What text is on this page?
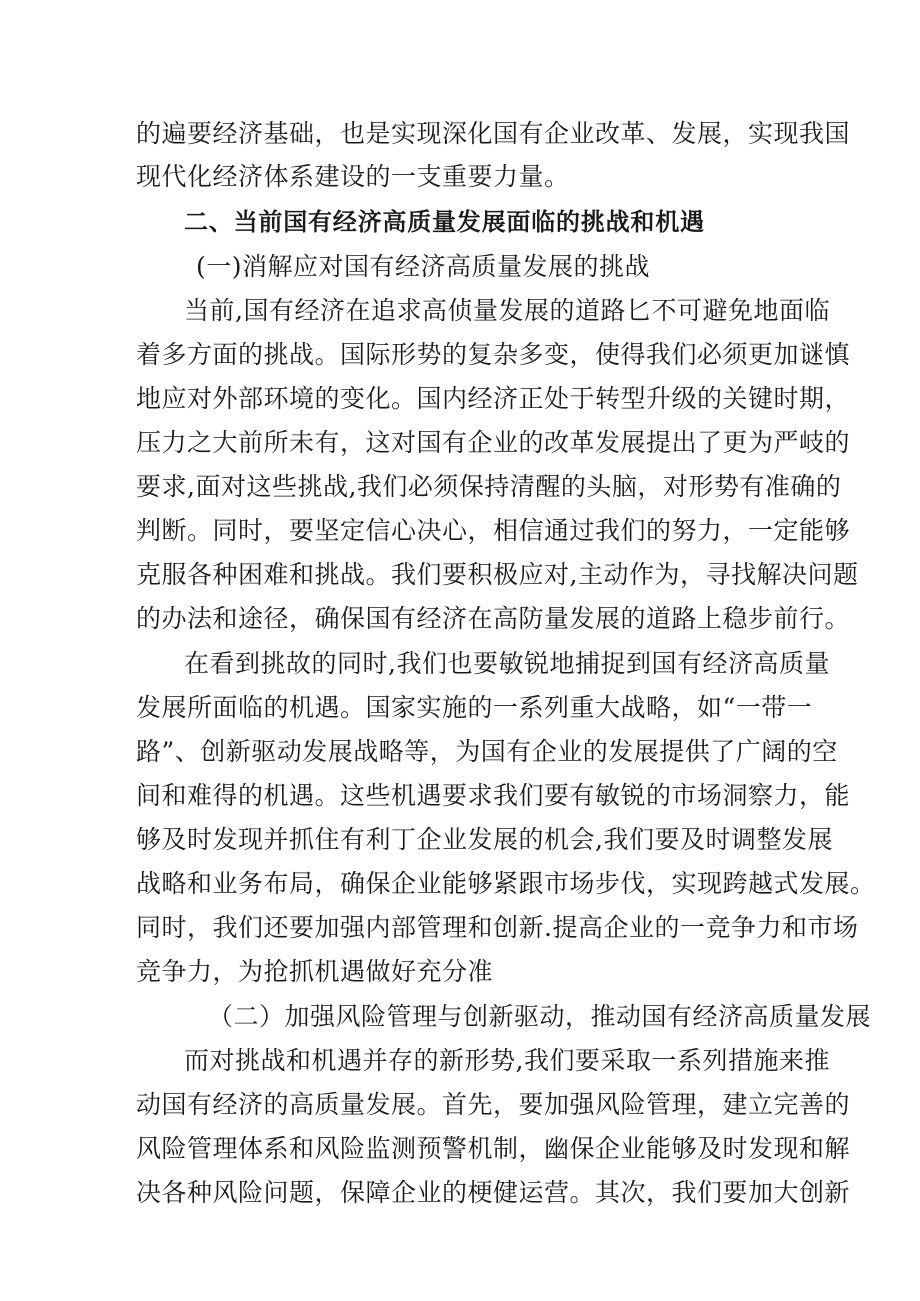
的遍要经济基础，也是实现深化国有企业改革、发展，实现我国
现代化经济体系建设的一支重要力量。
二、当前国有经济高质量发展面临的挑战和机遇
(一)消解应对国有经济高质量发展的挑战
当前,国有经济在追求高侦量发展的道路匕不可避免地面临
着多方面的挑战。国际形势的复杂多变，使得我们必须更加谜慎
地应对外部环境的变化。国内经济正处于转型升级的关键时期，
压力之大前所未有，这对国有企业的改革发展提出了更为严岐的
要求,面对这些挑战,我们必须保持清醒的头脑，对形势有准确的
判断。同时，要坚定信心决心，相信通过我们的努力，一定能够
克服各种困难和挑战。我们要积极应对,主动作为，寻找解决问题
的办法和途径，确保国有经济在高防量发展的道路上稳步前行。
在看到挑故的同时,我们也要敏锐地捕捉到国有经济高质量
发展所面临的机遇。国家实施的一系列重大战略，如“一带一
路”、创新驱动发展战略等，为国有企业的发展提供了广阔的空
间和难得的机遇。这些机遇要求我们要有敏锐的市场洞察力，能
够及时发现并抓住有利丁企业发展的机会,我们要及时调整发展
战略和业务布局，确保企业能够紧跟市场步伐，实现跨越式发展。
同时，我们还要加强内部管理和创新.提高企业的一竞争力和市场
竞争力，为抢抓机遇做好充分准
（二）加强风险管理与创新驱动，推动国有经济高质量发展
而对挑战和机遇并存的新形势,我们要采取一系列措施来推
动国有经济的高质量发展。首先，要加强风险管理，建立完善的
风险管理体系和风险监测预警机制，幽保企业能够及时发现和解
决各种风险问题，保障企业的梗健运营。其次，我们要加大创新
